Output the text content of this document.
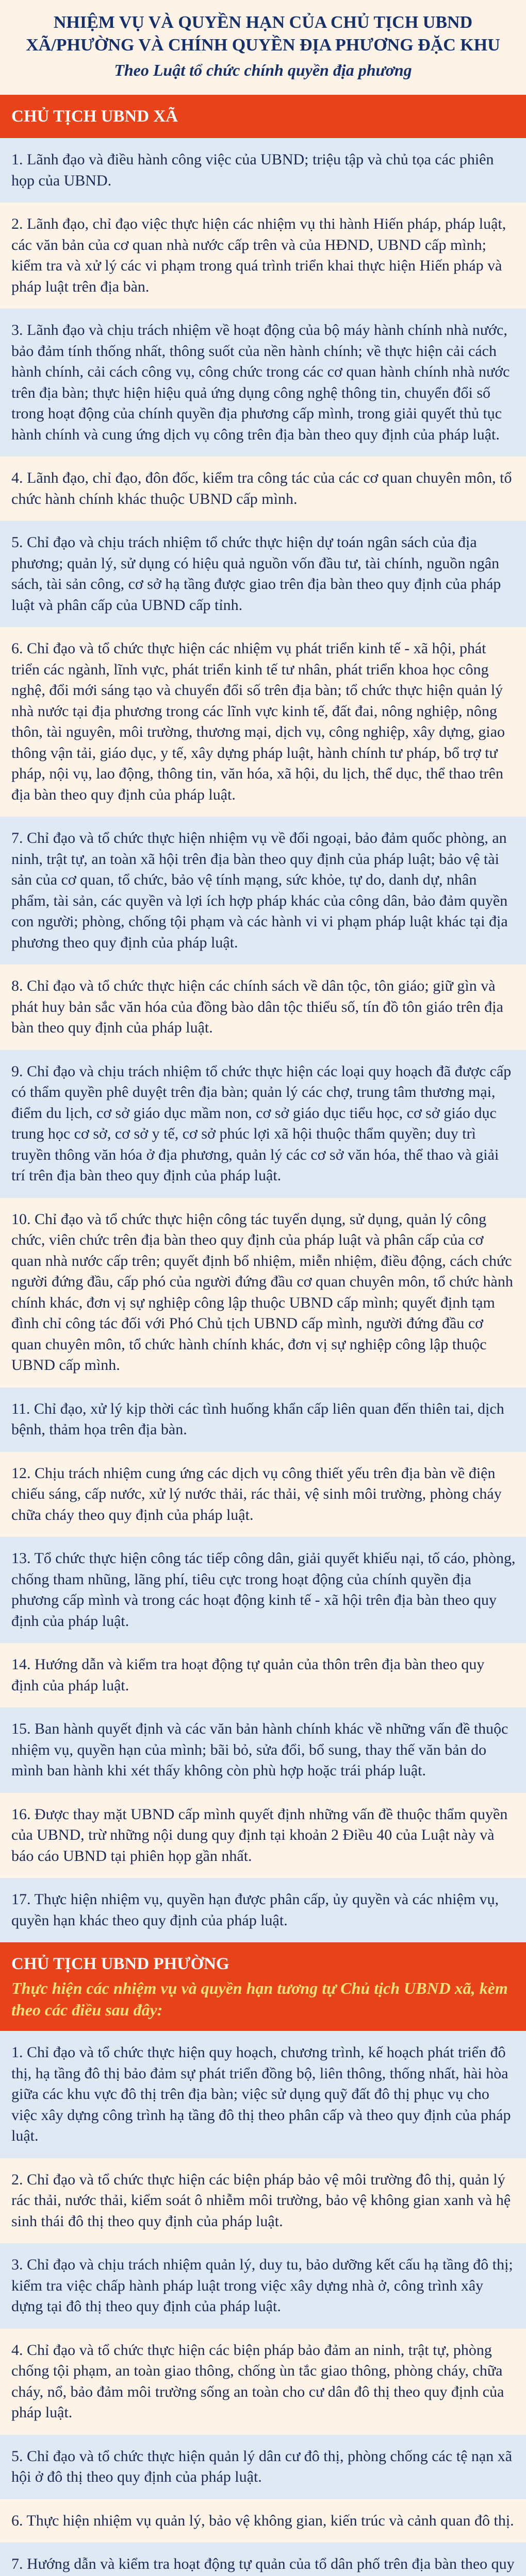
NHIỆM VỤ VÀ QUYỀN HẠN CỦA CHỦ TỊCH UBND XÃ/PHƯỜNG VÀ CHÍNH QUYỀN ĐỊA PHƯƠNG ĐẶC KHU
Theo Luật tổ chức chính quyền địa phương
CHỦ TỊCH UBND XÃ
1. Lãnh đạo và điều hành công việc của UBND; triệu tập và chủ tọa các phiên họp của UBND.
2. Lãnh đạo, chỉ đạo việc thực hiện các nhiệm vụ thi hành Hiến pháp, pháp luật, các văn bản của cơ quan nhà nước cấp trên và của HĐND, UBND cấp mình; kiểm tra và xử lý các vi phạm trong quá trình triển khai thực hiện Hiến pháp và pháp luật trên địa bàn.
3. Lãnh đạo và chịu trách nhiệm về hoạt động của bộ máy hành chính nhà nước, bảo đảm tính thống nhất, thông suốt của nền hành chính; về thực hiện cải cách hành chính, cải cách công vụ, công chức trong các cơ quan hành chính nhà nước trên địa bàn; thực hiện hiệu quả ứng dụng công nghệ thông tin, chuyển đổi số trong hoạt động của chính quyền địa phương cấp mình, trong giải quyết thủ tục hành chính và cung ứng dịch vụ công trên địa bàn theo quy định của pháp luật.
4. Lãnh đạo, chỉ đạo, đôn đốc, kiểm tra công tác của các cơ quan chuyên môn, tổ chức hành chính khác thuộc UBND cấp mình.
5. Chỉ đạo và chịu trách nhiệm tổ chức thực hiện dự toán ngân sách của địa phương; quản lý, sử dụng có hiệu quả nguồn vốn đầu tư, tài chính, nguồn ngân sách, tài sản công, cơ sở hạ tầng được giao trên địa bàn theo quy định của pháp luật và phân cấp của UBND cấp tỉnh.
6. Chỉ đạo và tổ chức thực hiện các nhiệm vụ phát triển kinh tế - xã hội, phát triển các ngành, lĩnh vực, phát triển kinh tế tư nhân, phát triển khoa học công nghệ, đổi mới sáng tạo và chuyển đổi số trên địa bàn; tổ chức thực hiện quản lý nhà nước tại địa phương trong các lĩnh vực kinh tế, đất đai, nông nghiệp, nông thôn, tài nguyên, môi trường, thương mại, dịch vụ, công nghiệp, xây dựng, giao thông vận tải, giáo dục, y tế, xây dựng pháp luật, hành chính tư pháp, bổ trợ tư pháp, nội vụ, lao động, thông tin, văn hóa, xã hội, du lịch, thể dục, thể thao trên địa bàn theo quy định của pháp luật.
7. Chỉ đạo và tổ chức thực hiện nhiệm vụ về đối ngoại, bảo đảm quốc phòng, an ninh, trật tự, an toàn xã hội trên địa bàn theo quy định của pháp luật; bảo vệ tài sản của cơ quan, tổ chức, bảo vệ tính mạng, sức khỏe, tự do, danh dự, nhân phẩm, tài sản, các quyền và lợi ích hợp pháp khác của công dân, bảo đảm quyền con người; phòng, chống tội phạm và các hành vi vi phạm pháp luật khác tại địa phương theo quy định của pháp luật.
8. Chỉ đạo và tổ chức thực hiện các chính sách về dân tộc, tôn giáo; giữ gìn và phát huy bản sắc văn hóa của đồng bào dân tộc thiểu số, tín đồ tôn giáo trên địa bàn theo quy định của pháp luật.
9. Chỉ đạo và chịu trách nhiệm tổ chức thực hiện các loại quy hoạch đã được cấp có thẩm quyền phê duyệt trên địa bàn; quản lý các chợ, trung tâm thương mại, điểm du lịch, cơ sở giáo dục mầm non, cơ sở giáo dục tiểu học, cơ sở giáo dục trung học cơ sở, cơ sở y tế, cơ sở phúc lợi xã hội thuộc thẩm quyền; duy trì truyền thông văn hóa ở địa phương, quản lý các cơ sở văn hóa, thể thao và giải trí trên địa bàn theo quy định của pháp luật.
10. Chỉ đạo và tổ chức thực hiện công tác tuyển dụng, sử dụng, quản lý công chức, viên chức trên địa bàn theo quy định của pháp luật và phân cấp của cơ quan nhà nước cấp trên; quyết định bổ nhiệm, miễn nhiệm, điều động, cách chức người đứng đầu, cấp phó của người đứng đầu cơ quan chuyên môn, tổ chức hành chính khác, đơn vị sự nghiệp công lập thuộc UBND cấp mình; quyết định tạm đình chỉ công tác đối với Phó Chủ tịch UBND cấp mình, người đứng đầu cơ quan chuyên môn, tổ chức hành chính khác, đơn vị sự nghiệp công lập thuộc UBND cấp mình.
11. Chỉ đạo, xử lý kịp thời các tình huống khẩn cấp liên quan đến thiên tai, dịch bệnh, thảm họa trên địa bàn.
12. Chịu trách nhiệm cung ứng các dịch vụ công thiết yếu trên địa bàn về điện chiếu sáng, cấp nước, xử lý nước thải, rác thải, vệ sinh môi trường, phòng cháy chữa cháy theo quy định của pháp luật.
13. Tổ chức thực hiện công tác tiếp công dân, giải quyết khiếu nại, tố cáo, phòng, chống tham nhũng, lãng phí, tiêu cực trong hoạt động của chính quyền địa phương cấp mình và trong các hoạt động kinh tế - xã hội trên địa bàn theo quy định của pháp luật.
14. Hướng dẫn và kiểm tra hoạt động tự quản của thôn trên địa bàn theo quy định của pháp luật.
15. Ban hành quyết định và các văn bản hành chính khác về những vấn đề thuộc nhiệm vụ, quyền hạn của mình; bãi bỏ, sửa đổi, bổ sung, thay thế văn bản do mình ban hành khi xét thấy không còn phù hợp hoặc trái pháp luật.
16. Được thay mặt UBND cấp mình quyết định những vấn đề thuộc thẩm quyền của UBND, trừ những nội dung quy định tại khoản 2 Điều 40 của Luật này và báo cáo UBND tại phiên họp gần nhất.
17. Thực hiện nhiệm vụ, quyền hạn được phân cấp, ủy quyền và các nhiệm vụ, quyền hạn khác theo quy định của pháp luật.
CHỦ TỊCH UBND PHƯỜNG
Thực hiện các nhiệm vụ và quyền hạn tương tự Chủ tịch UBND xã, kèm theo các điều sau đây:
1. Chỉ đạo và tổ chức thực hiện quy hoạch, chương trình, kế hoạch phát triển đô thị, hạ tầng đô thị bảo đảm sự phát triển đồng bộ, liên thông, thống nhất, hài hòa giữa các khu vực đô thị trên địa bàn; việc sử dụng quỹ đất đô thị phục vụ cho việc xây dựng công trình hạ tầng đô thị theo phân cấp và theo quy định của pháp luật.
2. Chỉ đạo và tổ chức thực hiện các biện pháp bảo vệ môi trường đô thị, quản lý rác thải, nước thải, kiểm soát ô nhiễm môi trường, bảo vệ không gian xanh và hệ sinh thái đô thị theo quy định của pháp luật.
3. Chỉ đạo và chịu trách nhiệm quản lý, duy tu, bảo dưỡng kết cấu hạ tầng đô thị; kiểm tra việc chấp hành pháp luật trong việc xây dựng nhà ở, công trình xây dựng tại đô thị theo quy định của pháp luật.
4. Chỉ đạo và tổ chức thực hiện các biện pháp bảo đảm an ninh, trật tự, phòng chống tội phạm, an toàn giao thông, chống ùn tắc giao thông, phòng cháy, chữa cháy, nổ, bảo đảm môi trường sống an toàn cho cư dân đô thị theo quy định của pháp luật.
5. Chỉ đạo và tổ chức thực hiện quản lý dân cư đô thị, phòng chống các tệ nạn xã hội ở đô thị theo quy định của pháp luật.
6. Thực hiện nhiệm vụ quản lý, bảo vệ không gian, kiến trúc và cảnh quan đô thị.
7. Hướng dẫn và kiểm tra hoạt động tự quản của tổ dân phố trên địa bàn theo quy
